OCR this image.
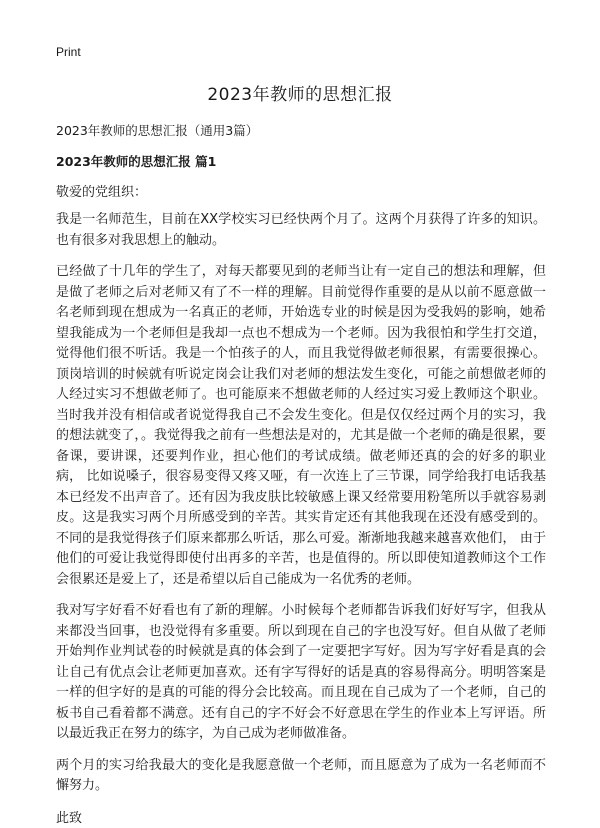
Print
2023年教师的思想汇报

2023年教师的思想汇报（通用3篇）

2023年教师的思想汇报 篇1

敬爱的党组织：

我是一名师范生，目前在XX学校实习已经快两个月了。这两个月获得了许多的知识。也有很多对我思想上的触动。

已经做了十几年的学生了，对每天都要见到的老师当让有一定自己的想法和理解，但是做了老师之后对老师又有了不一样的理解。目前觉得作重要的是从以前不愿意做一名老师到现在想成为一名真正的老师，开始选专业的时候是因为受我妈的影响，她希望我能成为一个老师但是我却一点也不想成为一个老师。因为我很怕和学生打交道，觉得他们很不听话。我是一个怕孩子的人，而且我觉得做老师很累，有需要很操心。顶岗培训的时候就有听说定岗会让我们对老师的想法发生变化，可能之前想做老师的人经过实习不想做老师了。也可能原来不想做老师的人经过实习爱上教师这个职业。当时我并没有相信或者说觉得我自己不会发生变化。但是仅仅经过两个月的实习，我的想法就变了，。我觉得我之前有一些想法是对的，尤其是做一个老师的确是很累，要备课，要讲课，还要判作业，担心他们的考试成绩。做老师还真的会的好多的职业病， 比如说嗓子，很容易变得又疼又哑，有一次连上了三节课，同学给我打电话我基本已经发不出声音了。还有因为我皮肤比较敏感上课又经常要用粉笔所以手就容易剥皮。这是我实习两个月所感受到的辛苦。其实肯定还有其他我现在还没有感受到的。不同的是我觉得孩子们原来都那么听话，那么可爱。渐渐地我越来越喜欢他们， 由于他们的可爱让我觉得即使付出再多的辛苦，也是值得的。所以即使知道教师这个工作会很累还是爱上了，还是希望以后自己能成为一名优秀的老师。

我对写字好看不好看也有了新的理解。小时候每个老师都告诉我们好好写字，但我从来都没当回事，也没觉得有多重要。所以到现在自己的字也没写好。但自从做了老师开始判作业判试卷的时候就是真的体会到了一定要把字写好。因为写字好看是真的会让自己有优点会让老师更加喜欢。还有字写得好的话是真的容易得高分。明明答案是一样的但字好的是真的可能的得分会比较高。而且现在自己成为了一个老师，自己的板书自己看着都不满意。还有自己的字不好会不好意思在学生的作业本上写评语。所以最近我正在努力的练字，为自己成为老师做准备。

两个月的实习给我最大的变化是我愿意做一个老师，而且愿意为了成为一名老师而不懈努力。

此致
